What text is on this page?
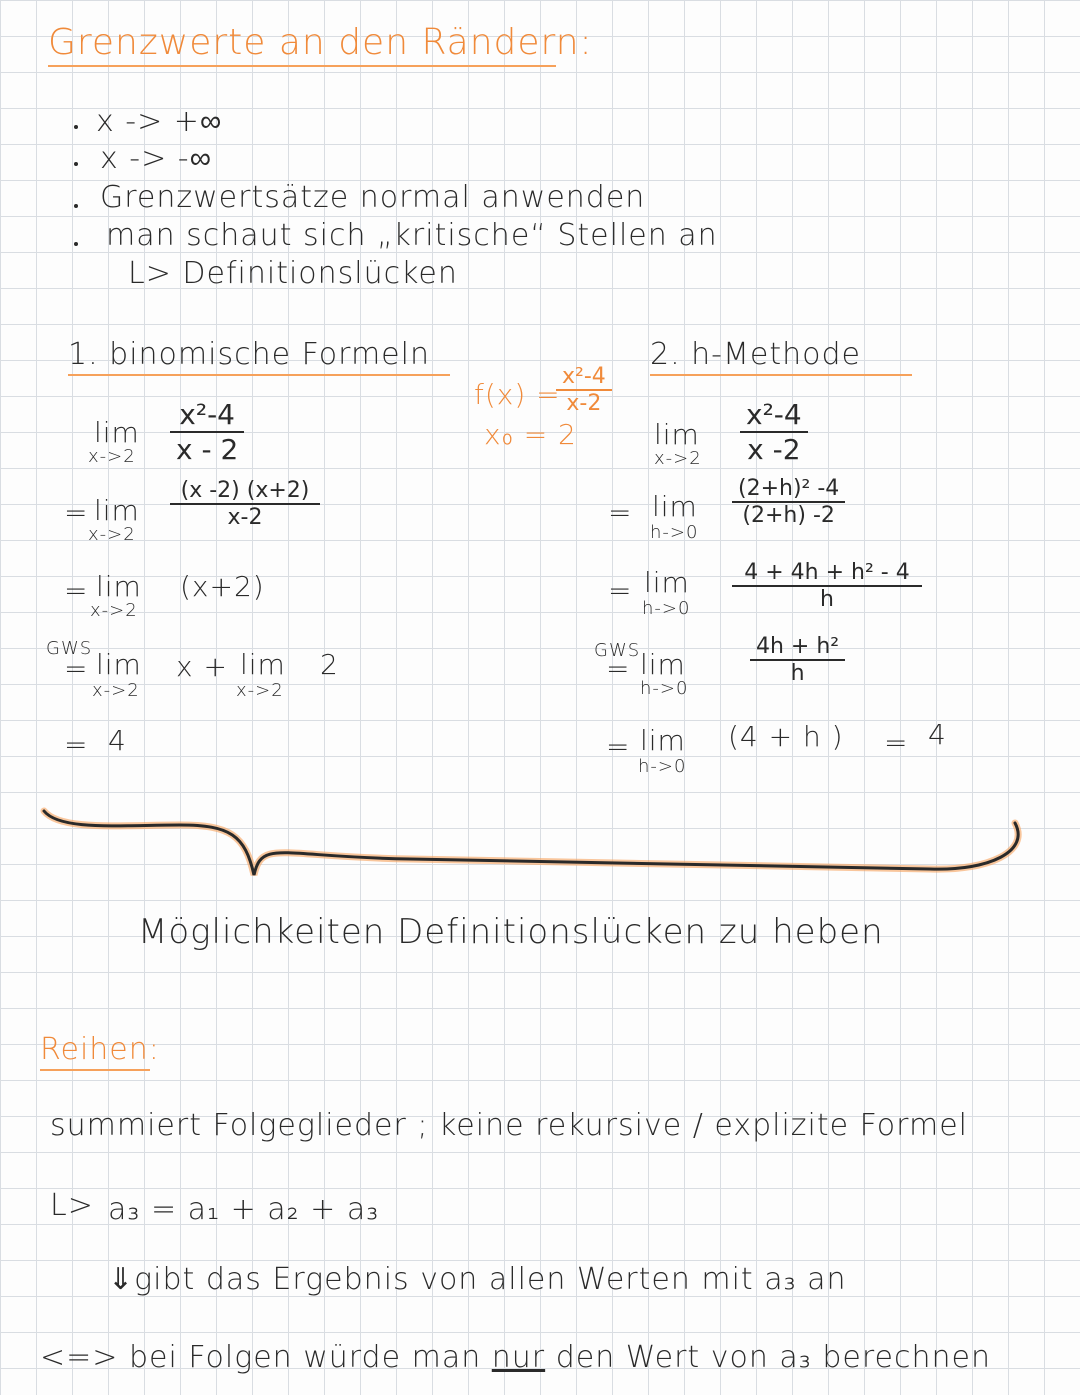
Grenzwerte an den Rändern:
x -> +∞
x -> -∞
Grenzwertsätze normal anwenden
man schaut sich „kritische“ Stellen an
L> Definitionslücken
1. binomische Formeln
f(x) =
x²-4
x-2
x₀ = 2
2. h-Methode
lim
x->2
x²-4
x - 2
= lim
x->2
(x -2) (x+2)
x-2
= lim
x->2
(x+2)
GWS
= lim
x->2
x + lim
x->2
2
= 4
lim
x->2
x²-4
x -2
= lim
h->0
(2+h)² -4
(2+h) -2
= lim
h->0
4 + 4h + h² - 4
h
GWS
= lim
h->0
4h + h²
h
= lim
h->0
(4 + h ) = 4
Möglichkeiten Definitionslücken zu heben
Reihen:
summiert Folgeglieder ; keine rekursive / explizite Formel
L> a₃ = a₁ + a₂ + a₃
⇓gibt das Ergebnis von allen Werten mit a₃ an
<=> bei Folgen würde man nur den Wert von a₃ berechnen
